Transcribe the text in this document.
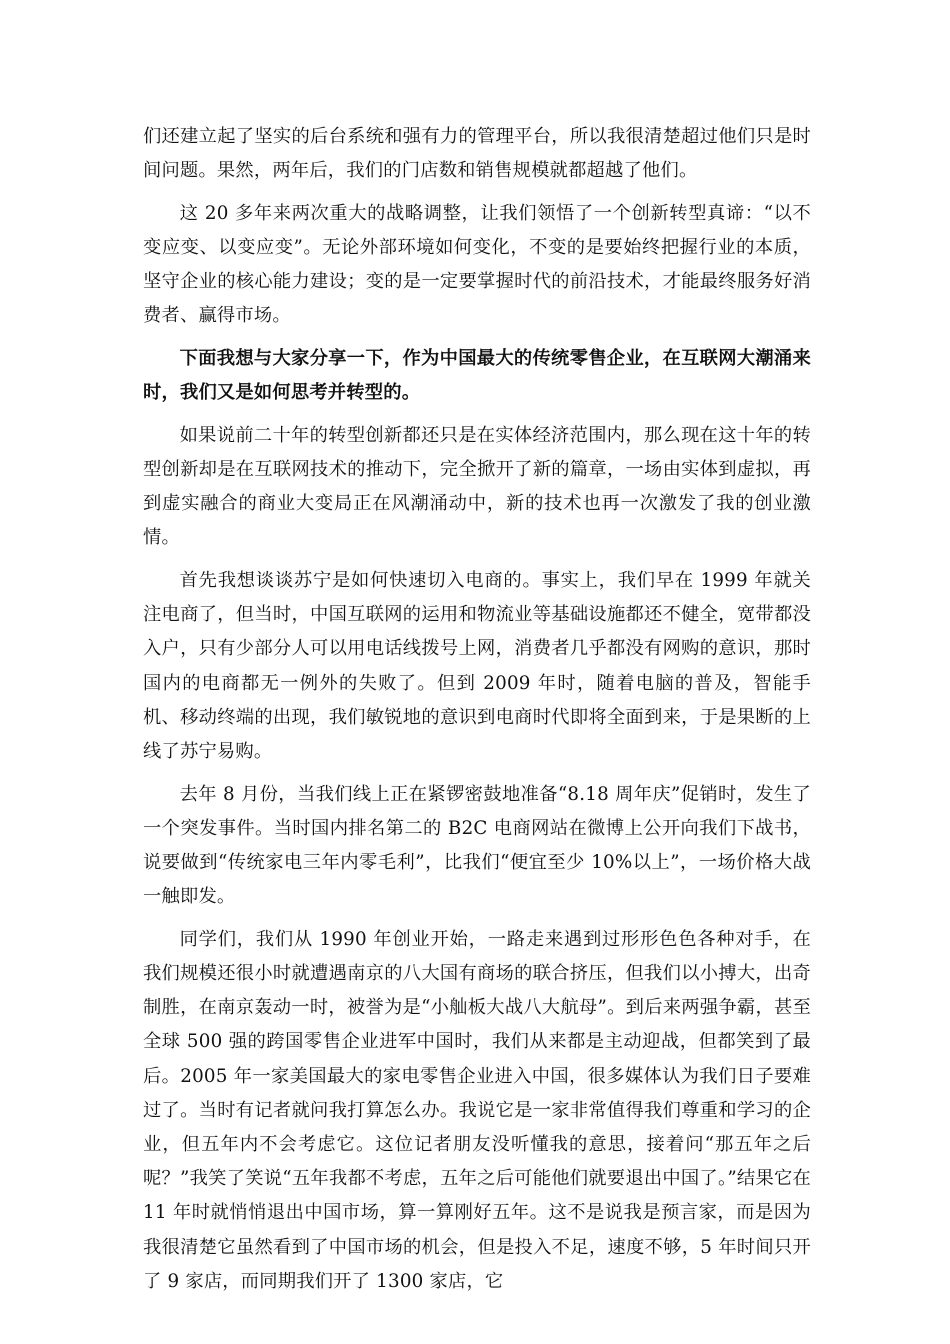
们还建立起了坚实的后台系统和强有力的管理平台，所以我很清楚超过他们只是时间问题。果然，两年后，我们的门店数和销售规模就都超越了他们。

这 20 多年来两次重大的战略调整，让我们领悟了一个创新转型真谛：“以不变应变、以变应变”。无论外部环境如何变化，不变的是要始终把握行业的本质，坚守企业的核心能力建设；变的是一定要掌握时代的前沿技术，才能最终服务好消费者、赢得市场。

下面我想与大家分享一下，作为中国最大的传统零售企业，在互联网大潮涌来时，我们又是如何思考并转型的。

如果说前二十年的转型创新都还只是在实体经济范围内，那么现在这十年的转型创新却是在互联网技术的推动下，完全掀开了新的篇章，一场由实体到虚拟，再到虚实融合的商业大变局正在风潮涌动中，新的技术也再一次激发了我的创业激情。

首先我想谈谈苏宁是如何快速切入电商的。事实上，我们早在 1999 年就关注电商了，但当时，中国互联网的运用和物流业等基础设施都还不健全，宽带都没入户，只有少部分人可以用电话线拨号上网，消费者几乎都没有网购的意识，那时国内的电商都无一例外的失败了。但到 2009 年时，随着电脑的普及，智能手机、移动终端的出现，我们敏锐地的意识到电商时代即将全面到来，于是果断的上线了苏宁易购。

去年 8 月份，当我们线上正在紧锣密鼓地准备“8.18 周年庆”促销时，发生了一个突发事件。当时国内排名第二的 B2C 电商网站在微博上公开向我们下战书，说要做到“传统家电三年内零毛利”，比我们“便宜至少 10%以上”，一场价格大战一触即发。

同学们，我们从 1990 年创业开始，一路走来遇到过形形色色各种对手，在我们规模还很小时就遭遇南京的八大国有商场的联合挤压，但我们以小搏大，出奇制胜，在南京轰动一时，被誉为是“小舢板大战八大航母”。到后来两强争霸，甚至全球 500 强的跨国零售企业进军中国时，我们从来都是主动迎战，但都笑到了最后。2005 年一家美国最大的家电零售企业进入中国，很多媒体认为我们日子要难过了。当时有记者就问我打算怎么办。我说它是一家非常值得我们尊重和学习的企业，但五年内不会考虑它。这位记者朋友没听懂我的意思，接着问“那五年之后呢？”我笑了笑说“五年我都不考虑，五年之后可能他们就要退出中国了。”结果它在 11 年时就悄悄退出中国市场，算一算刚好五年。这不是说我是预言家，而是因为我很清楚它虽然看到了中国市场的机会，但是投入不足，速度不够，5 年时间只开了 9 家店，而同期我们开了 1300 家店，它
